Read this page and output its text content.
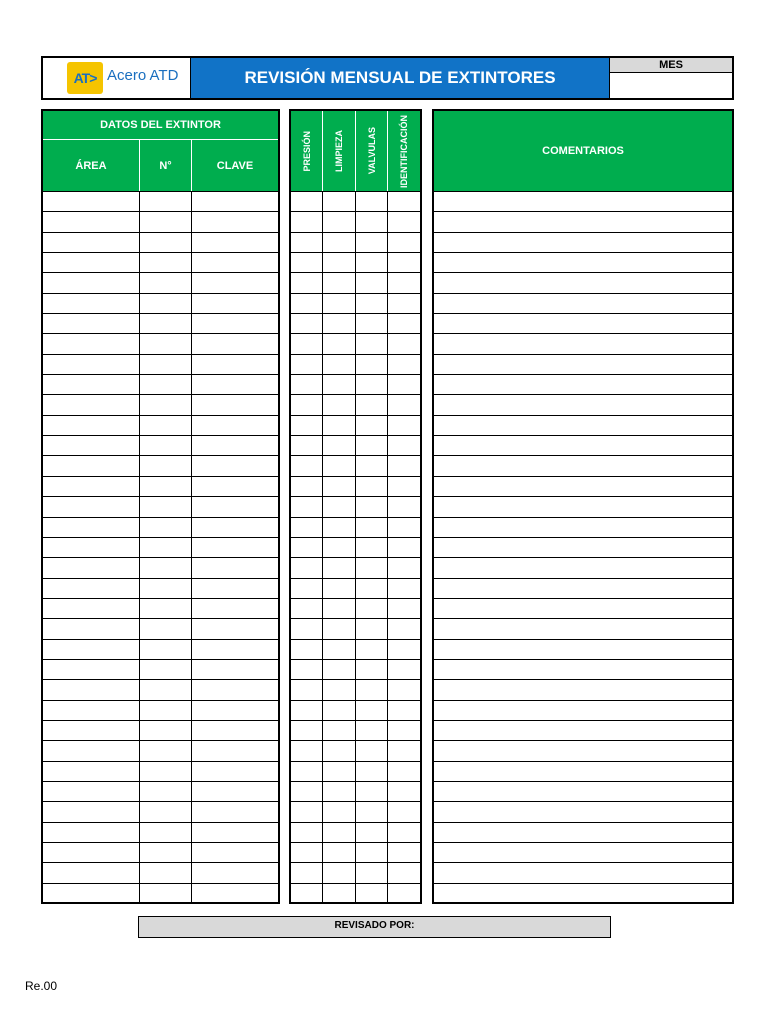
AT> Acero ATD	REVISIÓN MENSUAL DE EXTINTORES
MES
DATOS DEL EXTINTOR
ÁREA	N°	CLAVE	PRESIÓN	LIMPIEZA	VALVULAS	IDENTIFICACIÓN	COMENTARIOS
REVISADO POR:
Re.00
